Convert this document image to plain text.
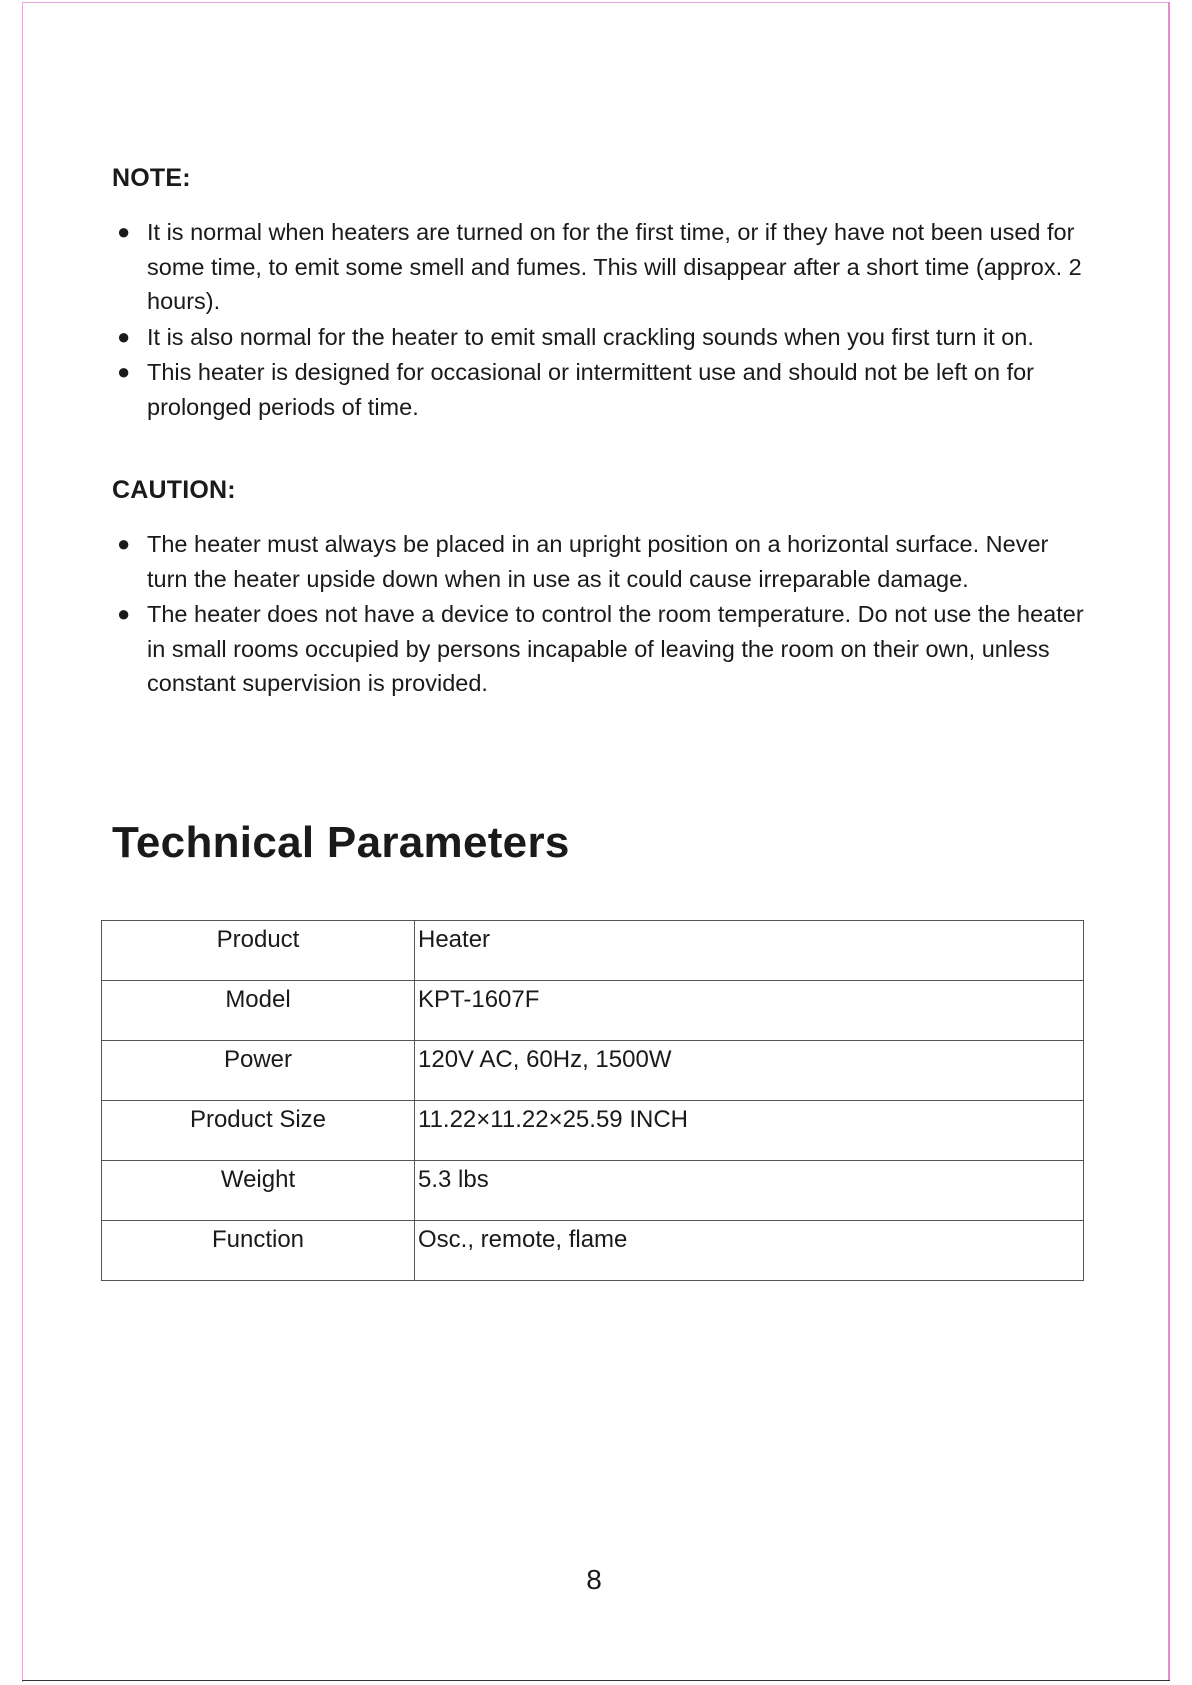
NOTE:
● It is normal when heaters are turned on for the first time, or if they have not been used for some time, to emit some smell and fumes. This will disappear after a short time (approx. 2 hours).
● It is also normal for the heater to emit small crackling sounds when you first turn it on.
● This heater is designed for occasional or intermittent use and should not be left on for prolonged periods of time.
CAUTION:
● The heater must always be placed in an upright position on a horizontal surface. Never turn the heater upside down when in use as it could cause irreparable damage.
● The heater does not have a device to control the room temperature. Do not use the heater in small rooms occupied by persons incapable of leaving the room on their own, unless constant supervision is provided.
Technical Parameters
Product	Heater
Model	KPT-1607F
Power	120V AC, 60Hz, 1500W
Product Size	11.22×11.22×25.59 INCH
Weight	5.3 lbs
Function	Osc., remote, flame
8
